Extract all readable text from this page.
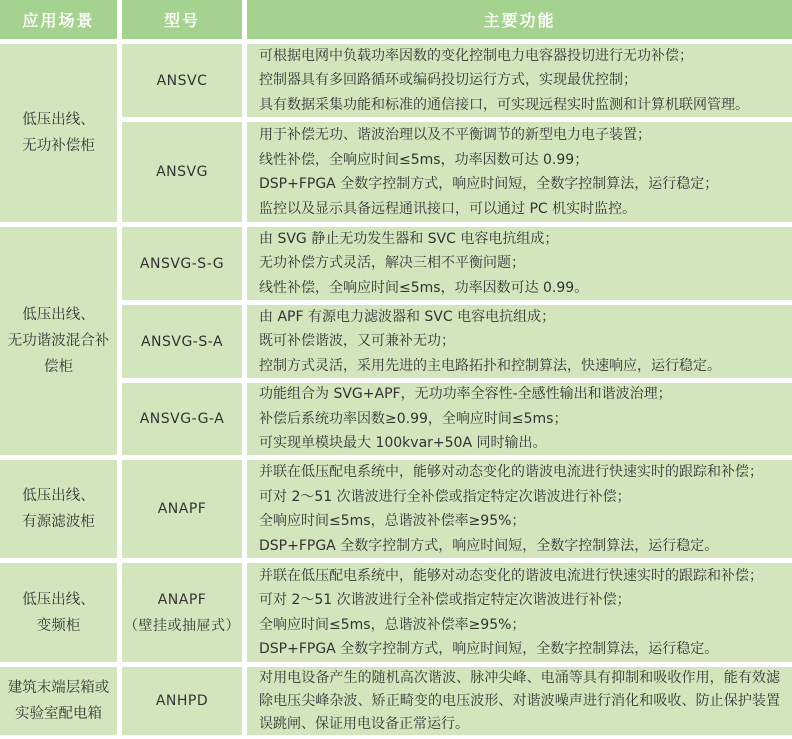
应用场景	型号	主要功能
低压出线、
无功补偿柜
低压出线、
无功谐波混合补
偿柜
低压出线、
有源滤波柜
低压出线、
变频柜
建筑末端层箱或
实验室配电箱
ANSVC
可根据电网中负载功率因数的变化控制电力电容器投切进行无功补偿；
控制器具有多回路循环或编码投切运行方式，实现最优控制；
具有数据采集功能和标准的通信接口，可实现远程实时监测和计算机联网管理。
ANSVG
用于补偿无功、谐波治理以及不平衡调节的新型电力电子装置；
线性补偿，全响应时间≤5ms，功率因数可达 0.99；
DSP+FPGA 全数字控制方式，响应时间短，全数字控制算法，运行稳定；
监控以及显示具备远程通讯接口，可以通过 PC 机实时监控。
ANSVG-S-G
由 SVG 静止无功发生器和 SVC 电容电抗组成；
无功补偿方式灵活，解决三相不平衡问题；
线性补偿，全响应时间≤5ms，功率因数可达 0.99。
ANSVG-S-A
由 APF 有源电力滤波器和 SVC 电容电抗组成；
既可补偿谐波，又可兼补无功；
控制方式灵活，采用先进的主电路拓扑和控制算法，快速响应，运行稳定。
ANSVG-G-A
功能组合为 SVG+APF，无功功率全容性-全感性输出和谐波治理；
补偿后系统功率因数≥0.99，全响应时间≤5ms；
可实现单模块最大 100kvar+50A 同时输出。
ANAPF
并联在低压配电系统中，能够对动态变化的谐波电流进行快速实时的跟踪和补偿；
可对 2～51 次谐波进行全补偿或指定特定次谐波进行补偿；
全响应时间≤5ms，总谐波补偿率≥95%；
DSP+FPGA 全数字控制方式，响应时间短，全数字控制算法，运行稳定。
ANAPF
（壁挂或抽屉式）
并联在低压配电系统中，能够对动态变化的谐波电流进行快速实时的跟踪和补偿；
可对 2～51 次谐波进行全补偿或指定特定次谐波进行补偿；
全响应时间≤5ms，总谐波补偿率≥95%；
DSP+FPGA 全数字控制方式，响应时间短，全数字控制算法，运行稳定。
ANHPD
对用电设备产生的随机高次谐波、脉冲尖峰、电涌等具有抑制和吸收作用，能有效滤除电压尖峰杂波、矫正畸变的电压波形、对谐波噪声进行消化和吸收、防止保护装置误跳闸、保证用电设备正常运行。
